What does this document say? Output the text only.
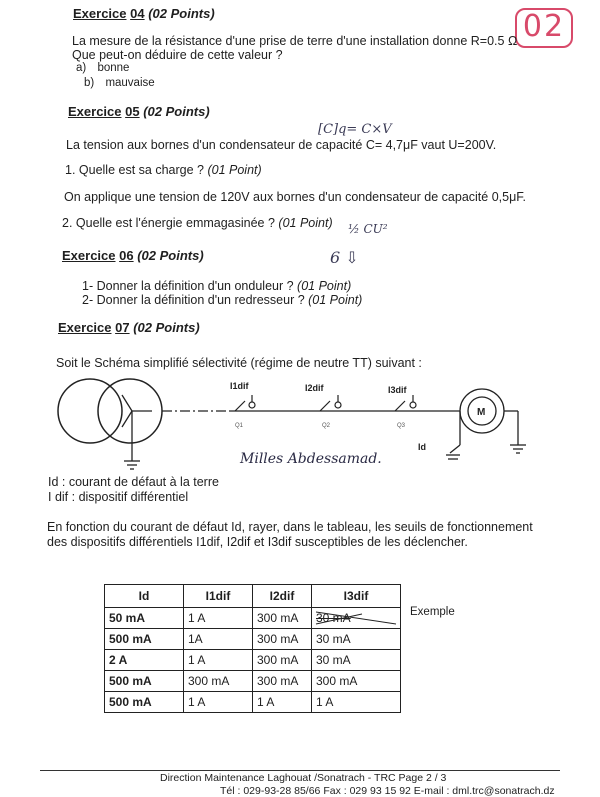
02
Exercice 04 (02 Points)
La mesure de la résistance d'une prise de terre d'une installation donne R=0.5 Ω
Que peut-on déduire de cette valeur ?
a) bonne
b) mauvaise
Exercice 05 (02 Points)
[C]q= C×V
La tension aux bornes d'un condensateur de capacité C= 4,7μF vaut U=200V.
1. Quelle est sa charge ? (01 Point)
On applique une tension de 120V aux bornes d'un condensateur de capacité 0,5μF.
2. Quelle est l'énergie emmagasinée ? (01 Point) ½ CU²
Exercice 06 (02 Points)	6 ⇩
1- Donner la définition d'un onduleur ? (01 Point)
2- Donner la définition d'un redresseur ? (01 Point)
Exercice 07 (02 Points)
Soit le Schéma simplifié sélectivité (régime de neutre TT) suivant :
Q1
I1dif
Q2
I2dif
Q3
I3dif
Id
M
Milles Abdessamad.
Id : courant de défaut à la terre
I dif : dispositif différentiel
En fonction du courant de défaut Id, rayer, dans le tableau, les seuils de fonctionnement
des dispositifs différentiels I1dif, I2dif et I3dif susceptibles de les déclencher.
Id	I1dif	I2dif	I3dif
50 mA	1 A	300 mA	30 mA

500 mA	1A	300 mA	30 mA
2 A	1 A	300 mA	30 mA
500 mA	300 mA	300 mA	300 mA
500 mA	1 A	1 A	1 A
Exemple
Direction Maintenance Laghouat /Sonatrach - TRC Page 2 / 3
Tél : 029-93-28 85/66 Fax : 029 93 15 92 E-mail : dml.trc@sonatrach.dz
